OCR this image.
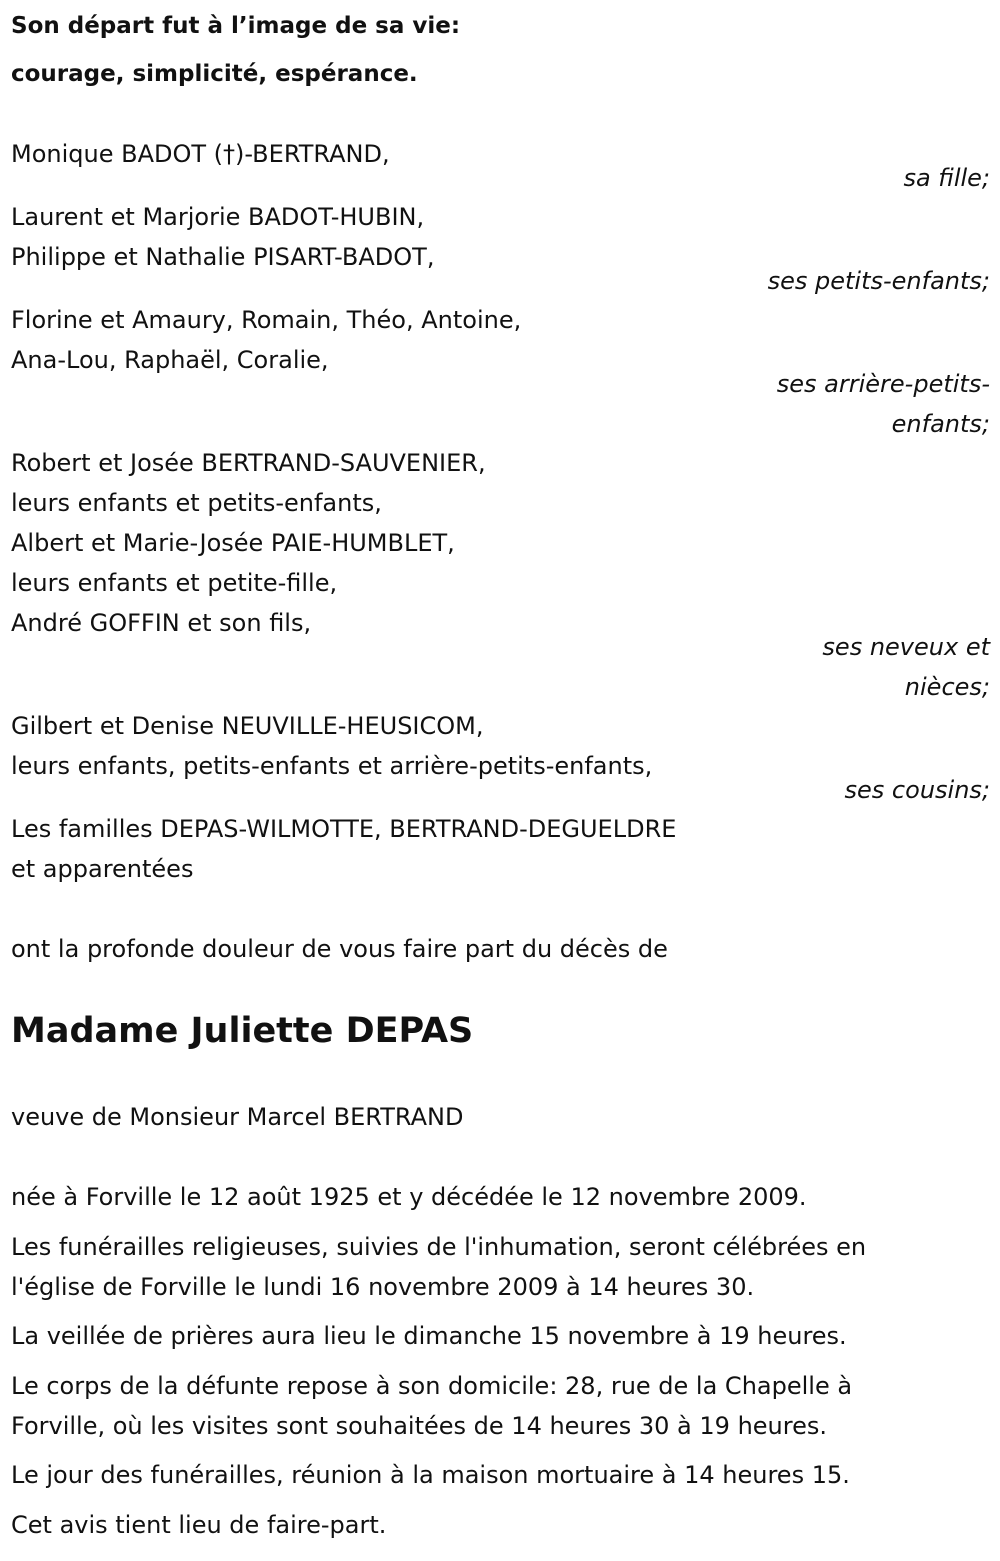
Son départ fut à l’image de sa vie:
courage, simplicité, espérance.
Monique BADOT (†)-BERTRAND,
sa fille;
Laurent et Marjorie BADOT-HUBIN,
Philippe et Nathalie PISART-BADOT,
ses petits-enfants;
Florine et Amaury, Romain, Théo, Antoine,
Ana-Lou, Raphaël, Coralie,
ses arrière-petits-
enfants;
Robert et Josée BERTRAND-SAUVENIER,
leurs enfants et petits-enfants,
Albert et Marie-Josée PAIE-HUMBLET,
leurs enfants et petite-fille,
André GOFFIN et son fils,
ses neveux et
nièces;
Gilbert et Denise NEUVILLE-HEUSICOM,
leurs enfants, petits-enfants et arrière-petits-enfants,
ses cousins;
Les familles DEPAS-WILMOTTE, BERTRAND-DEGUELDRE
et apparentées
ont la profonde douleur de vous faire part du décès de
Madame Juliette DEPAS
veuve de Monsieur Marcel BERTRAND
née à Forville le 12 août 1925 et y décédée le 12 novembre 2009.
Les funérailles religieuses, suivies de l'inhumation, seront célébrées en
l'église de Forville le lundi 16 novembre 2009 à 14 heures 30.
La veillée de prières aura lieu le dimanche 15 novembre à 19 heures.
Le corps de la défunte repose à son domicile: 28, rue de la Chapelle à
Forville, où les visites sont souhaitées de 14 heures 30 à 19 heures.
Le jour des funérailles, réunion à la maison mortuaire à 14 heures 15.
Cet avis tient lieu de faire-part.
